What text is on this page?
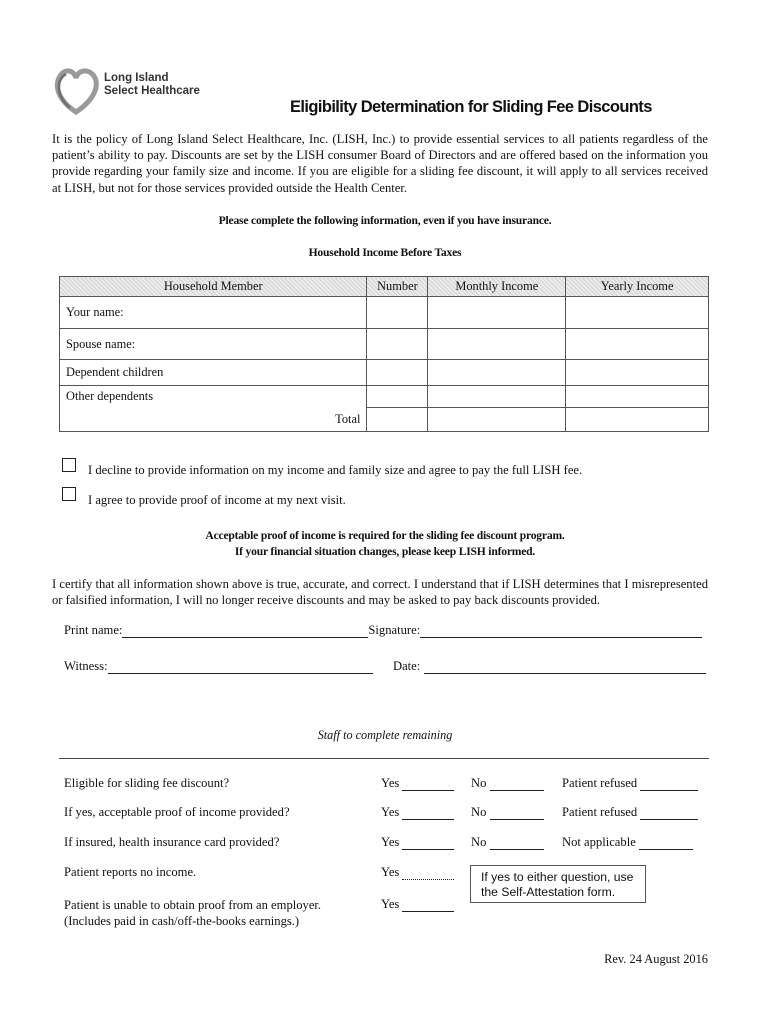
Long Island
Select Healthcare
Eligibility Determination for Sliding Fee Discounts
It is the policy of Long Island Select Healthcare, Inc. (LISH, Inc.) to provide essential services to all patients regardless of the patient’s ability to pay. Discounts are set by the LISH consumer Board of Directors and are offered based on the information you provide regarding your family size and income. If you are eligible for a sliding fee discount, it will apply to all services received at LISH, but not for those services provided outside the Health Center.
Please complete the following information, even if you have insurance.
Household Income Before Taxes
Household Member	Number	Monthly Income	Yearly Income
Your name:			
Spouse name:			
Dependent children			
Other dependents			
Total			
I decline to provide information on my income and family size and agree to pay the full LISH fee.
I agree to provide proof of income at my next visit.
Acceptable proof of income is required for the sliding fee discount program.
If your financial situation changes, please keep LISH informed.
I certify that all information shown above is true, accurate, and correct. I understand that if LISH determines that I misrepresented or falsified information, I will no longer receive discounts and may be asked to pay back discounts provided.
Print name:	Signature:
Witness:	Date:
Staff to complete remaining
Eligible for sliding fee discount?	Yes	No	Patient refused
If yes, acceptable proof of income provided?	Yes	No	Patient refused
If insured, health insurance card provided?	Yes	No	Not applicable
Patient reports no income.	Yes
Patient is unable to obtain proof from an employer.
(Includes paid in cash/off-the-books earnings.)
Yes
If yes to either question, use
the Self-Attestation form.
Rev. 24 August 2016
